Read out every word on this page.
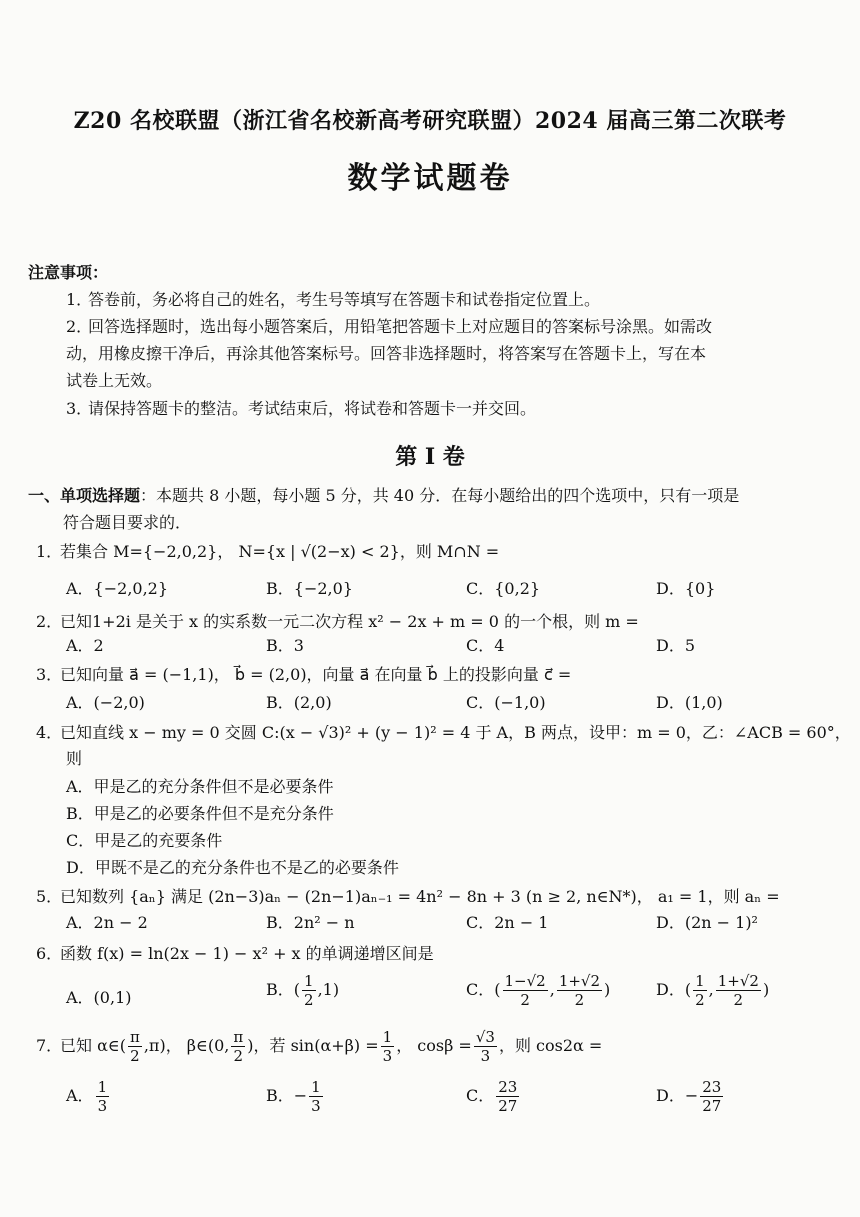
Z20 名校联盟（浙江省名校新高考研究联盟）2024 届高三第二次联考
数学试题卷
注意事项：
1．答卷前，务必将自己的姓名，考生号等填写在答题卡和试卷指定位置上。
2．回答选择题时，选出每小题答案后，用铅笔把答题卡上对应题目的答案标号涂黑。如需改
动，用橡皮擦干净后，再涂其他答案标号。回答非选择题时，将答案写在答题卡上，写在本
试卷上无效。
3．请保持答题卡的整洁。考试结束后，将试卷和答题卡一并交回。
第 I 卷
一、单项选择题：本题共 8 小题，每小题 5 分，共 40 分．在每小题给出的四个选项中，只有一项是
符合题目要求的．
1．若集合 M={−2,0,2}， N={x | √(2−x) < 2}，则 M∩N =
A．{−2,0,2}	B．{−2,0}	C．{0,2}	D．{0}
2．已知1+2i 是关于 x 的实系数一元二次方程 x² − 2x + m = 0 的一个根，则 m =
A．2	B．3	C．4	D．5
3．已知向量 a⃗ = (−1,1)， b⃗ = (2,0)，向量 a⃗ 在向量 b⃗ 上的投影向量 c⃗ =
A．(−2,0)	B．(2,0)	C．(−1,0)	D．(1,0)
4．已知直线 x − my = 0 交圆 C:(x − √3)² + (y − 1)² = 4 于 A，B 两点，设甲：m = 0，乙：∠ACB = 60°，
则
A．甲是乙的充分条件但不是必要条件
B．甲是乙的必要条件但不是充分条件
C．甲是乙的充要条件
D．甲既不是乙的充分条件也不是乙的必要条件
5．已知数列 {aₙ} 满足 (2n−3)aₙ − (2n−1)aₙ₋₁ = 4n² − 8n + 3 (n ≥ 2, n∈N*)， a₁ = 1，则 aₙ =
A．2n − 2	B．2n² − n	C．2n − 1	D．(2n − 1)²
6．函数 f(x) = ln(2x − 1) − x² + x 的单调递增区间是
A．(0,1)	B．( $\frac{1}{2} ,1$)	C．( $\frac{1-√2}{2}$ , $\frac{1+√2}{2}$ )	D．( $\frac{1}{2}$ , $\frac{1+√2}{2}$ )
7．已知 α∈( $\frac{\pi}{2} ,\pi$)， β∈(0, $\frac{\pi}{2}$ )，若 $\sin(\alpha+\beta) = \frac{1}{3}$ ， $\cos\beta = \frac{√3}{3}$ ，则 cos2α =
A． $\frac{1}{3}$	B．− $\frac{1}{3}$	C． $\frac{23}{27}$	D．− $\frac{23}{27}$
